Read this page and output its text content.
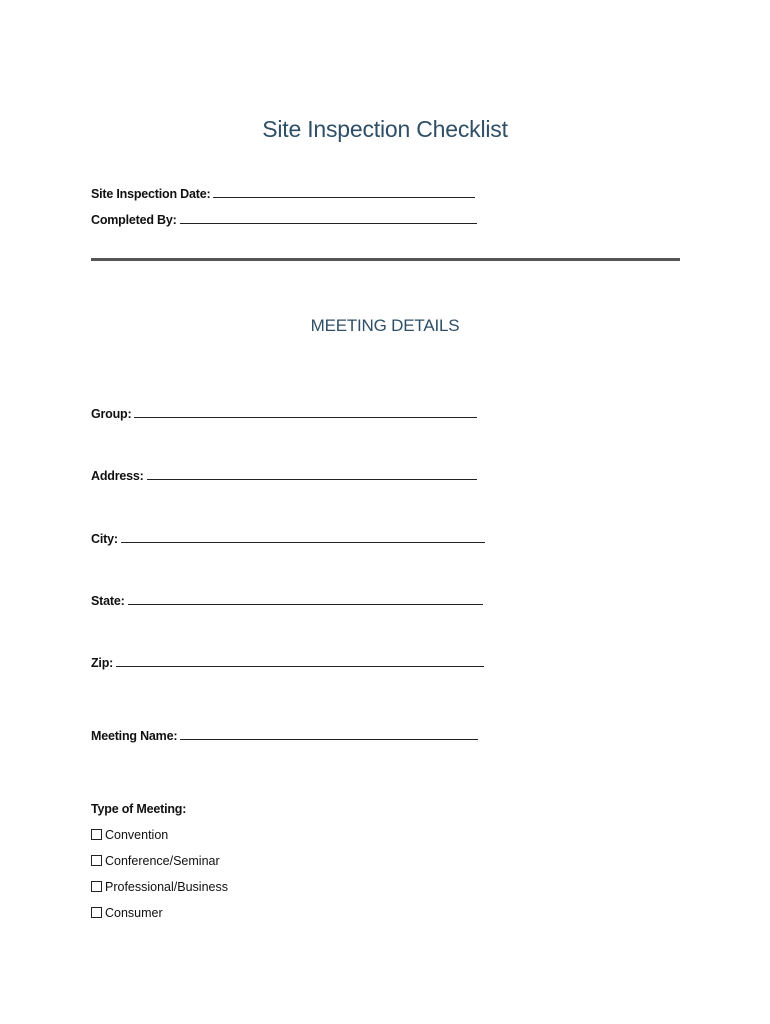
Site Inspection Checklist
Site Inspection Date:
Completed By:
MEETING DETAILS
Group:
Address:
City:
State:
Zip:
Meeting Name:
Type of Meeting:
Convention
Conference/Seminar
Professional/Business
Consumer
